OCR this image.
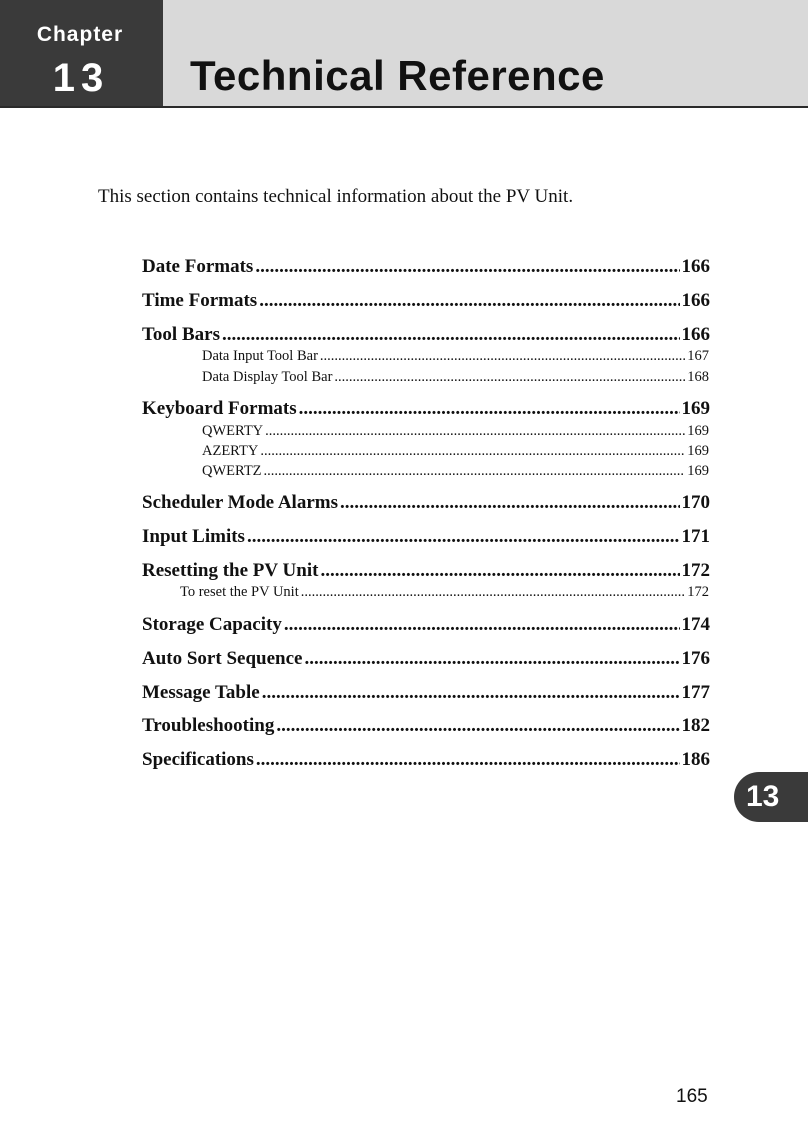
Chapter
13	Technical Reference
This section contains technical information about the PV Unit.
Date Formats .....	166
Time Formats .....	166
Tool Bars .....	166
Data Input Tool Bar .....	167
Data Display Tool Bar .....	168
Keyboard Formats .....	169
QWERTY .....	169
AZERTY .....	169
QWERTZ .....	169
Scheduler Mode Alarms .....	170
Input Limits .....	171
Resetting the PV Unit .....	172
To reset the PV Unit .....	172
Storage Capacity .....	174
Auto Sort Sequence .....	176
Message Table .....	177
Troubleshooting .....	182
Specifications .....	186
13
165
